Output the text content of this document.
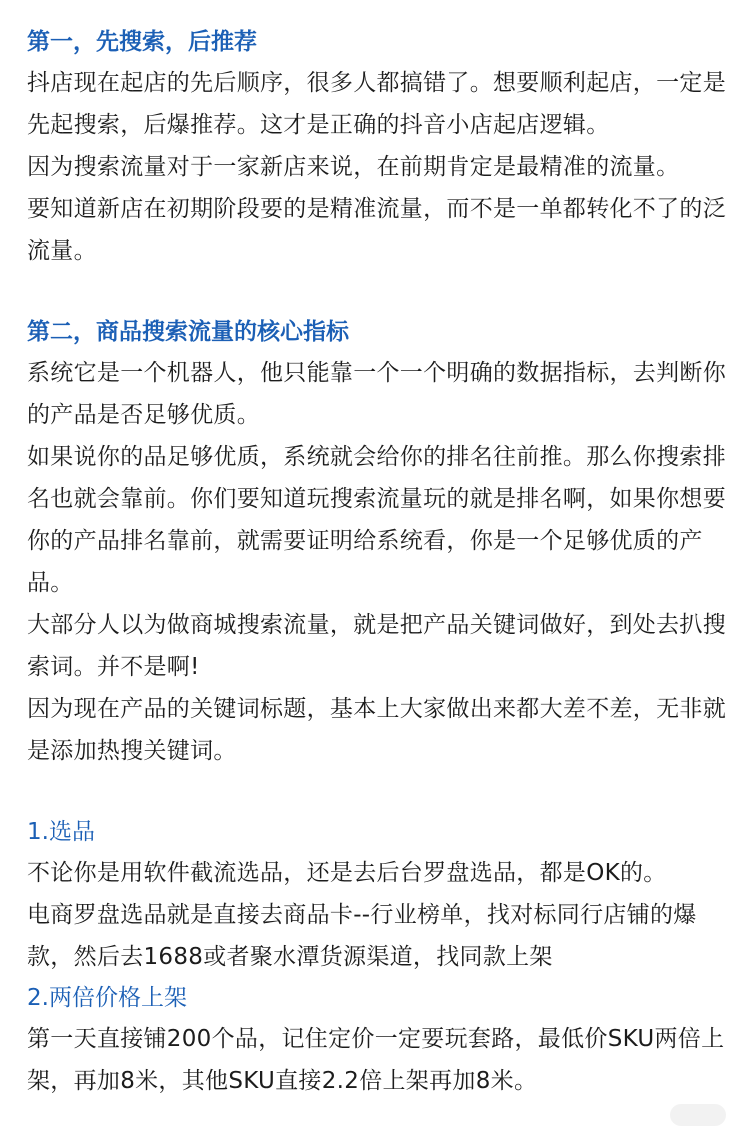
第一，先搜索，后推荐

抖店现在起店的先后顺序，很多人都搞错了。想要顺利起店，一定是先起搜索，后爆推荐。这才是正确的抖音小店起店逻辑。

因为搜索流量对于一家新店来说，在前期肯定是最精准的流量。

要知道新店在初期阶段要的是精准流量，而不是一单都转化不了的泛流量。

第二，商品搜索流量的核心指标

系统它是一个机器人，他只能靠一个一个明确的数据指标，去判断你的产品是否足够优质。

如果说你的品足够优质，系统就会给你的排名往前推。那么你搜索排名也就会靠前。你们要知道玩搜索流量玩的就是排名啊，如果你想要你的产品排名靠前，就需要证明给系统看，你是一个足够优质的产品。

大部分人以为做商城搜索流量，就是把产品关键词做好，到处去扒搜索词。并不是啊!

因为现在产品的关键词标题，基本上大家做出来都大差不差，无非就是添加热搜关键词。

1.选品

不论你是用软件截流选品，还是去后台罗盘选品，都是OK的。

电商罗盘选品就是直接去商品卡--行业榜单，找对标同行店铺的爆款，然后去1688或者聚水潭货源渠道，找同款上架

2.两倍价格上架

第一天直接铺200个品，记住定价一定要玩套路，最低价SKU两倍上架，再加8米，其他SKU直接2.2倍上架再加8米。
